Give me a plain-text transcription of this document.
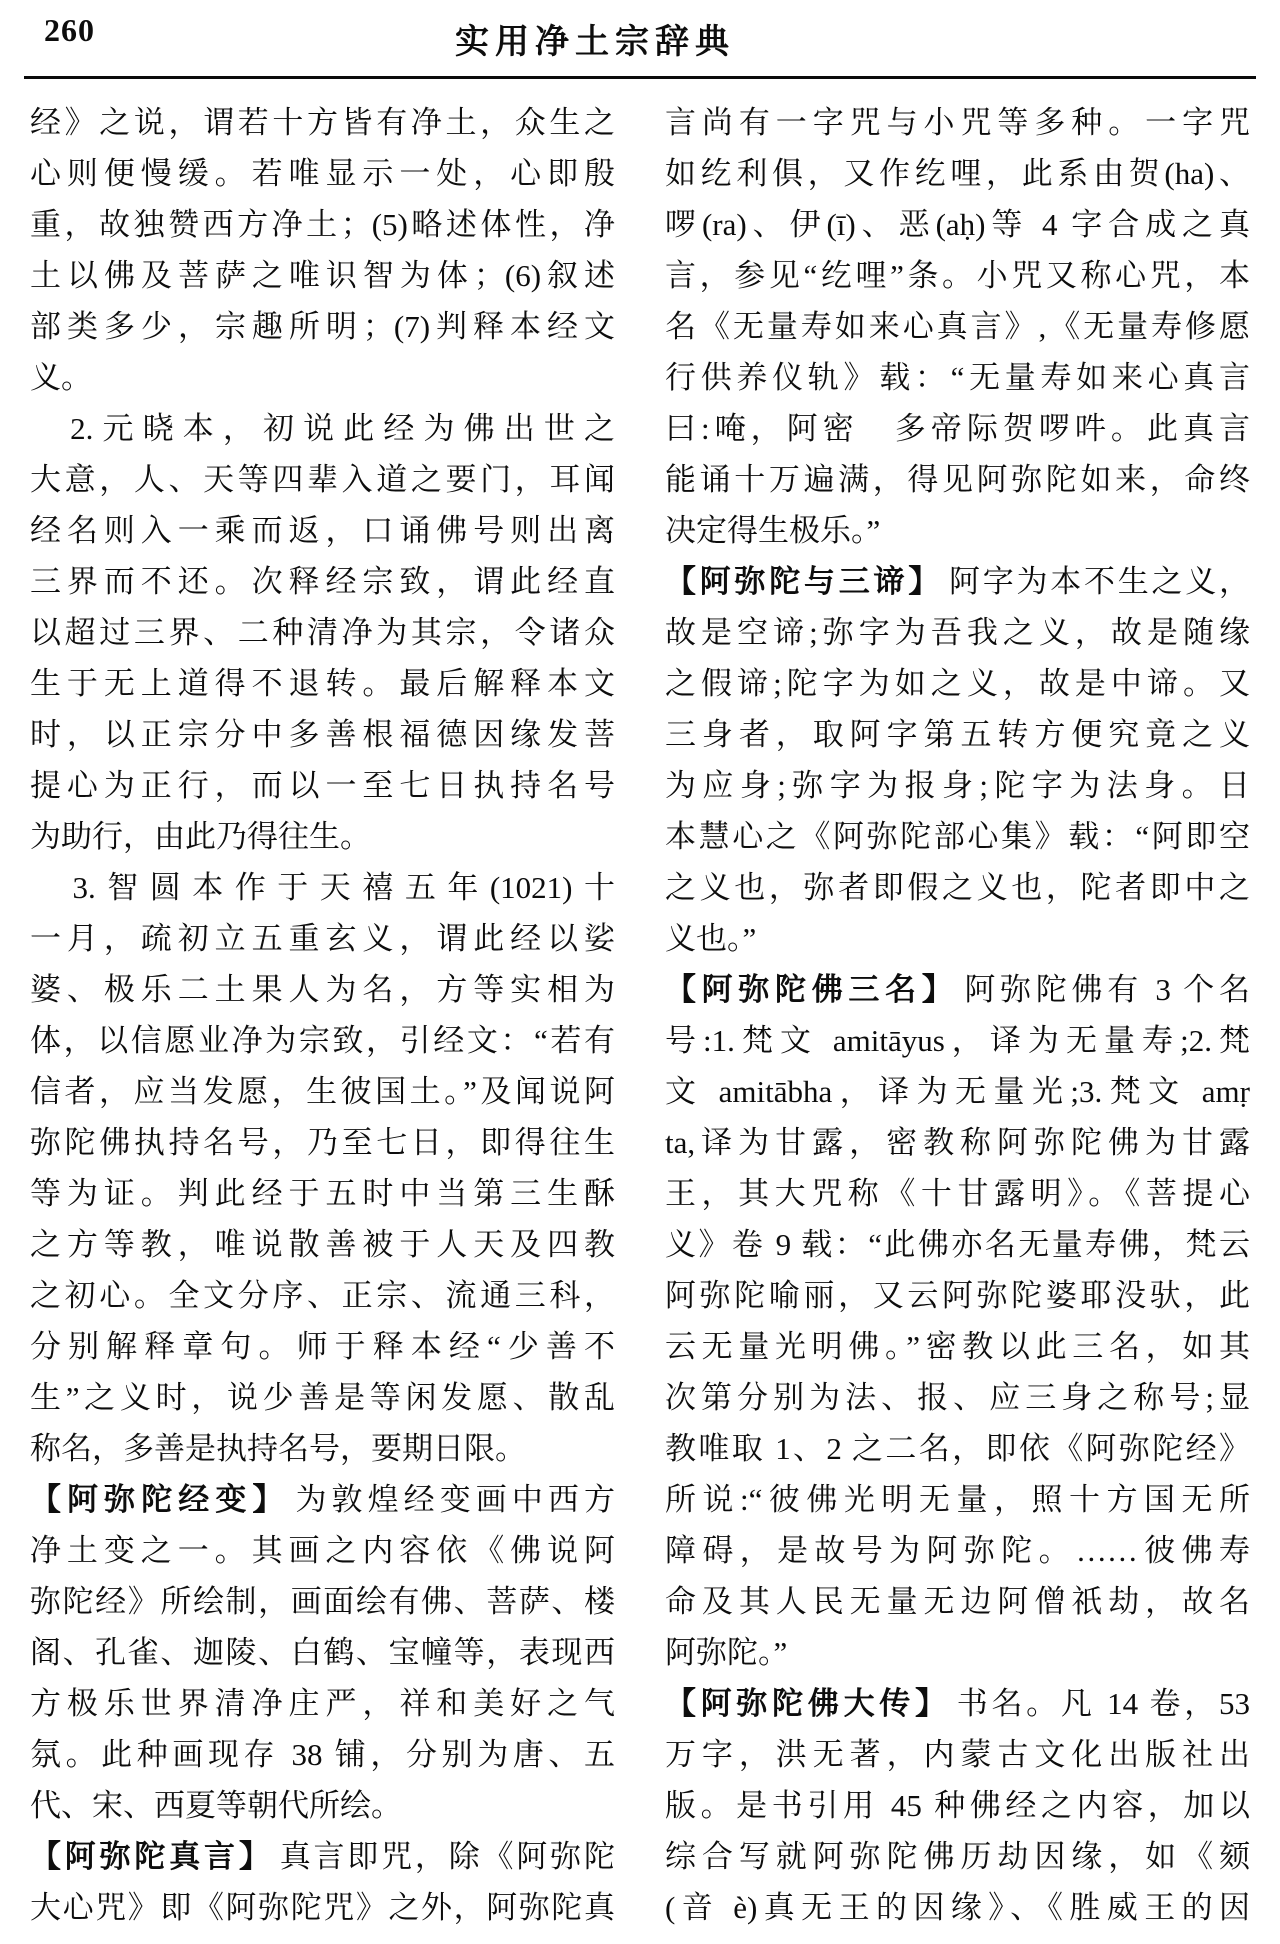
260	实用净土宗辞典
经》之说，谓若十方皆有净土，众生之
心则便慢缓。若唯显示一处，心即殷
重，故独赞西方净土；(5)略述体性，净
土以佛及菩萨之唯识智为体；(6)叙述
部类多少，宗趣所明；(7)判释本经文
义。
　2.元晓本，初说此经为佛出世之
大意，人、天等四辈入道之要门，耳闻
经名则入一乘而返，口诵佛号则出离
三界而不还。次释经宗致，谓此经直
以超过三界、二种清净为其宗，令诸众
生于无上道得不退转。最后解释本文
时，以正宗分中多善根福德因缘发菩
提心为正行，而以一至七日执持名号
为助行，由此乃得往生。
　3.智圆本作于天禧五年(1021)十
一月，疏初立五重玄义，谓此经以娑
婆、极乐二土果人为名，方等实相为
体，以信愿业净为宗致，引经文：“若有
信者，应当发愿，生彼国土。”及闻说阿
弥陀佛执持名号，乃至七日，即得往生
等为证。判此经于五时中当第三生酥
之方等教，唯说散善被于人天及四教
之初心。全文分序、正宗、流通三科，
分别解释章句。师于释本经“少善不
生”之义时，说少善是等闲发愿、散乱
称名，多善是执持名号，要期日限。
【阿弥陀经变】 为敦煌经变画中西方
净土变之一。其画之内容依《佛说阿
弥陀经》所绘制，画面绘有佛、菩萨、楼
阁、孔雀、迦陵、白鹤、宝幢等，表现西
方极乐世界清净庄严，祥和美好之气
氛。此种画现存 38 铺，分别为唐、五
代、宋、西夏等朝代所绘。
【阿弥陀真言】 真言即咒，除《阿弥陀
大心咒》即《阿弥陀咒》之外，阿弥陀真
言尚有一字咒与小咒等多种。一字咒
如纥利俱，又作纥哩，此系由贺(ha)、
啰(ra)、伊(ī)、恶(aḥ)等 4 字合成之真
言，参见“纥哩”条。小咒又称心咒，本
名《无量寿如来心真言》,《无量寿修愿
行供养仪轨》载：“无量寿如来心真言
曰:唵，阿密　多帝际贺啰吽。此真言
能诵十万遍满，得见阿弥陀如来，命终
决定得生极乐。”
【阿弥陀与三谛】 阿字为本不生之义，
故是空谛;弥字为吾我之义，故是随缘
之假谛;陀字为如之义，故是中谛。又
三身者，取阿字第五转方便究竟之义
为应身;弥字为报身;陀字为法身。日
本慧心之《阿弥陀部心集》载：“阿即空
之义也，弥者即假之义也，陀者即中之
义也。”
【阿弥陀佛三名】 阿弥陀佛有 3 个名
号:1.梵文 amitāyus，译为无量寿;2.梵
文 amitābha，译为无量光;3.梵文 amṛ
ta,译为甘露，密教称阿弥陀佛为甘露
王，其大咒称《十甘露明》。《菩提心
义》卷 9 载：“此佛亦名无量寿佛，梵云
阿弥陀喻丽，又云阿弥陀婆耶没驮，此
云无量光明佛。”密教以此三名，如其
次第分别为法、报、应三身之称号;显
教唯取 1、2 之二名，即依《阿弥陀经》
所说:“彼佛光明无量，照十方国无所
障碍，是故号为阿弥陀。……彼佛寿
命及其人民无量无边阿僧祇劫，故名
阿弥陀。”
【阿弥陀佛大传】 书名。凡 14 卷，53
万字，洪无著，内蒙古文化出版社出
版。是书引用 45 种佛经之内容，加以
综合写就阿弥陀佛历劫因缘，如《颏
(音 è)真无王的因缘》、《胜威王的因
